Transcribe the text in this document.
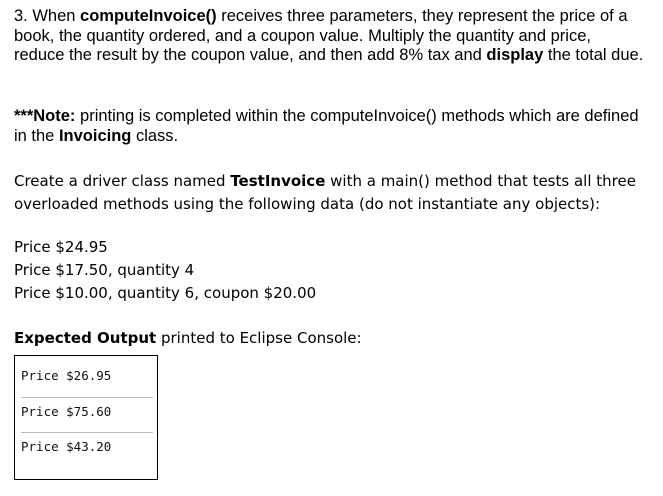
3. When computeInvoice() receives three parameters, they represent the price of a book, the quantity ordered, and a coupon value. Multiply the quantity and price, reduce the result by the coupon value, and then add 8% tax and display the total due.

***Note: printing is completed within the computeInvoice() methods which are defined in the Invoicing class.

Create a driver class named TestInvoice with a main() method that tests all three overloaded methods using the following data (do not instantiate any objects):

Price $24.95
Price $17.50, quantity 4
Price $10.00, quantity 6, coupon $20.00

Expected Output printed to Eclipse Console:

Price $26.95
Price $75.60
Price $43.20
